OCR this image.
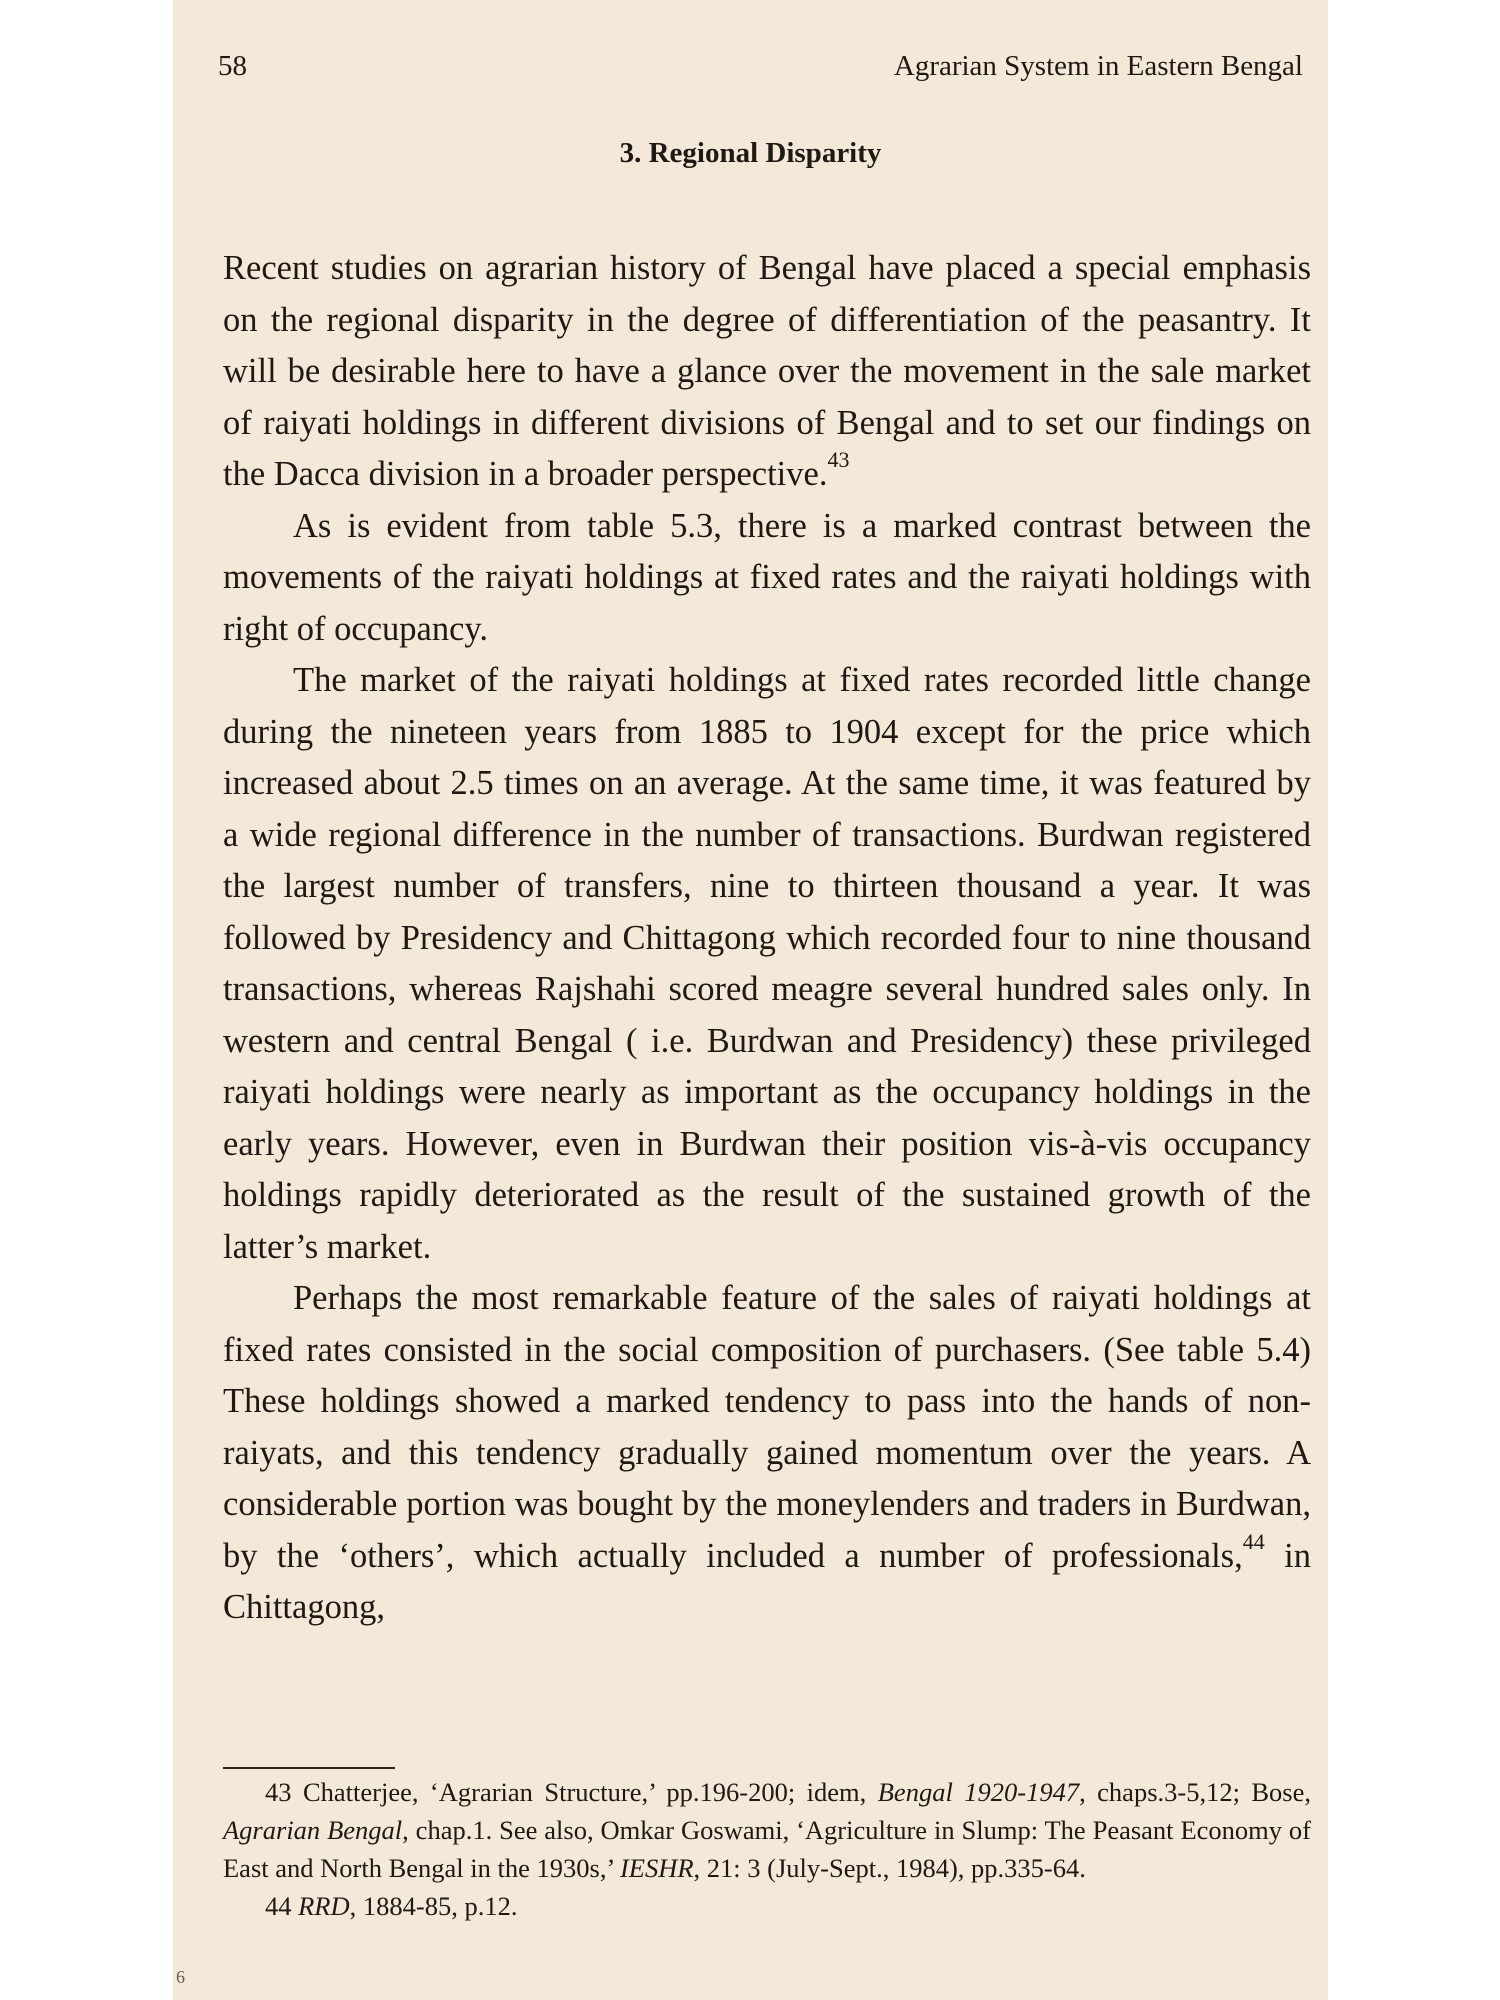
58	Agrarian System in Eastern Bengal
3. Regional Disparity

Recent studies on agrarian history of Bengal have placed a special emphasis on the regional disparity in the degree of differentiation of the peasantry. It will be desirable here to have a glance over the movement in the sale market of raiyati holdings in different divisions of Bengal and to set our findings on the Dacca division in a broader perspective.$^{43}$

As is evident from table 5.3, there is a marked contrast between the movements of the raiyati holdings at fixed rates and the raiyati holdings with right of occupancy.

The market of the raiyati holdings at fixed rates recorded little change during the nineteen years from 1885 to 1904 except for the price which increased about 2.5 times on an average. At the same time, it was featured by a wide regional difference in the number of transactions. Burdwan registered the largest number of transfers, nine to thirteen thousand a year. It was followed by Presidency and Chittagong which recorded four to nine thousand transactions, whereas Rajshahi scored meagre several hundred sales only. In western and central Bengal ( i.e. Burdwan and Presidency) these privileged raiyati holdings were nearly as important as the occupancy holdings in the early years. However, even in Burdwan their position vis-à-vis occupancy holdings rapidly deteriorated as the result of the sustained growth of the latter’s market.

Perhaps the most remarkable feature of the sales of raiyati holdings at fixed rates consisted in the social composition of purchasers. (See table 5.4) These holdings showed a marked tendency to pass into the hands of non-raiyats, and this tendency gradually gained momentum over the years. A considerable portion was bought by the moneylenders and traders in Burdwan, by the ‘others’, which actually included a number of professionals,$^{44}$ in Chittagong,

43 Chatterjee, ‘Agrarian Structure,’ pp.196-200; idem, Bengal 1920-1947, chaps.3-5,12; Bose, Agrarian Bengal, chap.1. See also, Omkar Goswami, ‘Agriculture in Slump: The Peasant Economy of East and North Bengal in the 1930s,’ IESHR, 21: 3 (July-Sept., 1984), pp.335-64.

44 RRD, 1884-85, p.12.

6
